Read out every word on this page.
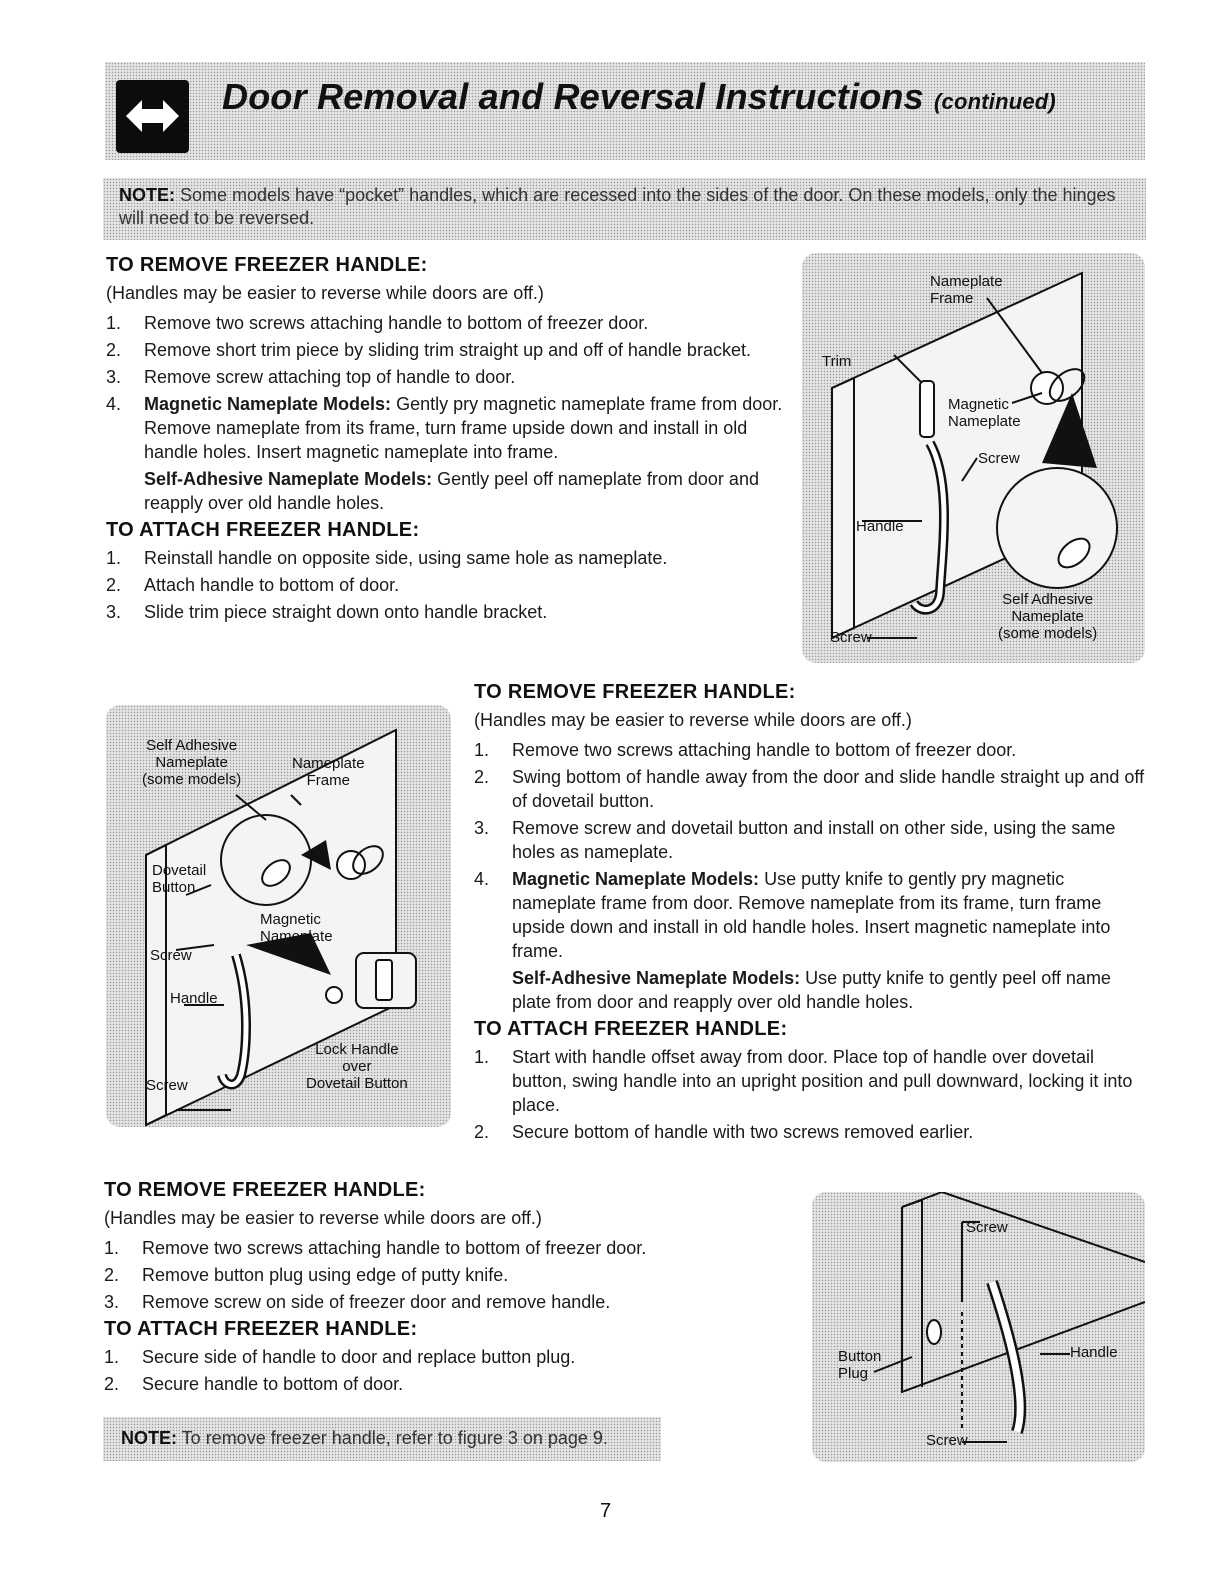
Door Removal and Reversal Instructions (continued)
NOTE: Some models have “pocket” handles, which are recessed into the sides of the door. On these models, only the hinges will need to be reversed.
TO REMOVE FREEZER HANDLE:
(Handles may be easier to reverse while doors are off.)
1. Remove two screws attaching handle to bottom of freezer door.
2. Remove short trim piece by sliding trim straight up and off of handle bracket.
3. Remove screw attaching top of handle to door.
4. Magnetic Nameplate Models: Gently pry magnetic nameplate frame from door. Remove nameplate from its frame, turn frame upside down and install in old handle holes. Insert magnetic nameplate into frame.
Self-Adhesive Nameplate Models: Gently peel off nameplate from door and reapply over old handle holes.
TO ATTACH FREEZER HANDLE:
1. Reinstall handle on opposite side, using same hole as nameplate.
2. Attach handle to bottom of door.
3. Slide trim piece straight down onto handle bracket.
Nameplate
Frame
Trim
Magnetic
Nameplate
Screw
Handle
Self Adhesive
Nameplate
(some models)
Screw
TO REMOVE FREEZER HANDLE:
(Handles may be easier to reverse while doors are off.)
1. Remove two screws attaching handle to bottom of freezer door.
2. Swing bottom of handle away from the door and slide handle straight up and off of dovetail button.
3. Remove screw and dovetail button and install on other side, using the same holes as nameplate.
4. Magnetic Nameplate Models: Use putty knife to gently pry magnetic nameplate frame from door. Remove nameplate from its frame, turn frame upside down and install in old handle holes. Insert magnetic nameplate into frame.
Self-Adhesive Nameplate Models: Use putty knife to gently peel off name plate from door and reapply over old handle holes.
TO ATTACH FREEZER HANDLE:
1. Start with handle offset away from door. Place top of handle over dovetail button, swing handle into an upright position and pull downward, locking it into place.
2. Secure bottom of handle with two screws removed earlier.
Self Adhesive
Nameplate
(some models)
Nameplate
Frame
Dovetail
Button
Magnetic
Nameplate
Screw
Handle
Lock Handle
over
Dovetail Button
Screw
TO REMOVE FREEZER HANDLE:
(Handles may be easier to reverse while doors are off.)
1. Remove two screws attaching handle to bottom of freezer door.
2. Remove button plug using edge of putty knife.
3. Remove screw on side of freezer door and remove handle.
TO ATTACH FREEZER HANDLE:
1. Secure side of handle to door and replace button plug.
2. Secure handle to bottom of door.
Screw
Button
Plug
Handle
Screw
NOTE: To remove freezer handle, refer to figure 3 on page 9.
7
